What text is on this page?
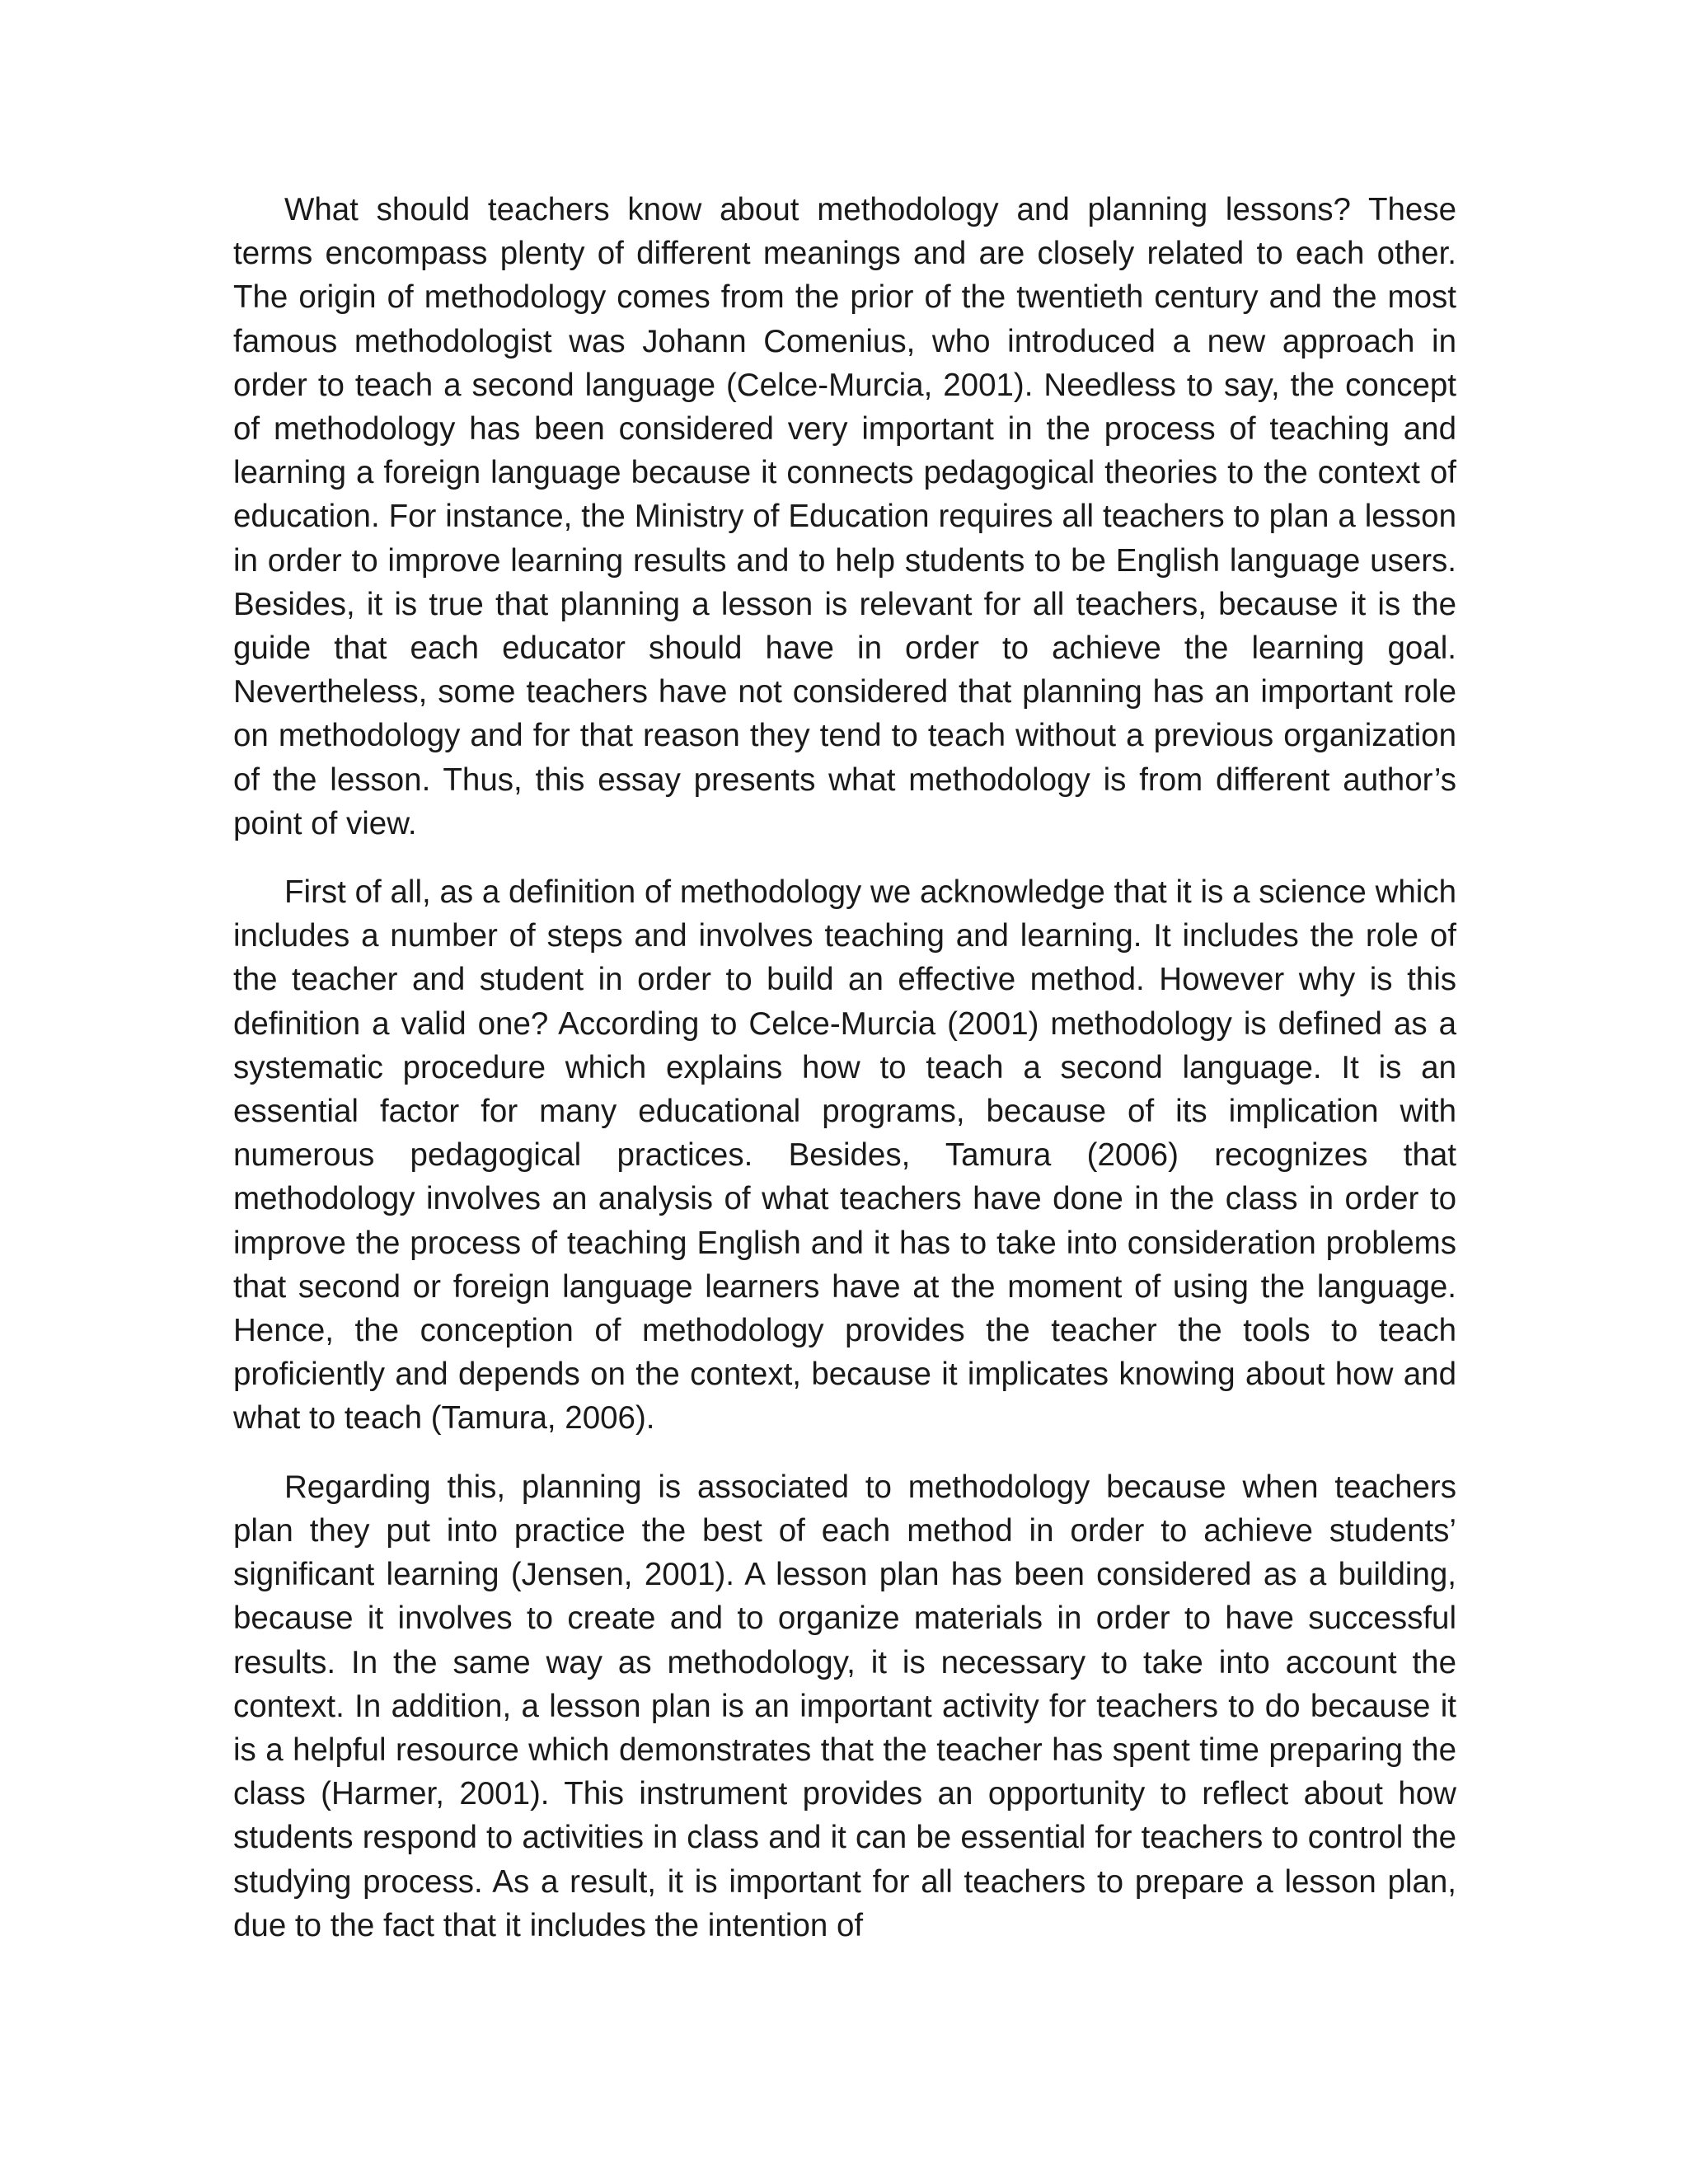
What should teachers know about methodology and planning lessons? These terms encompass plenty of different meanings and are closely related to each other. The origin of methodology comes from the prior of the twentieth century and the most famous methodologist was Johann Comenius, who introduced a new approach in order to teach a second language (Celce-Murcia, 2001). Needless to say, the concept of methodology has been considered very important in the process of teaching and learning a foreign language because it connects pedagogical theories to the context of education. For instance, the Ministry of Education requires all teachers to plan a lesson in order to improve learning results and to help students to be English language users. Besides, it is true that planning a lesson is relevant for all teachers, because it is the guide that each educator should have in order to achieve the learning goal. Nevertheless, some teachers have not considered that planning has an important role on methodology and for that reason they tend to teach without a previous organization of the lesson. Thus, this essay presents what methodology is from different author’s point of view.

First of all, as a definition of methodology we acknowledge that it is a science which includes a number of steps and involves teaching and learning. It includes the role of the teacher and student in order to build an effective method. However why is this definition a valid one? According to Celce-Murcia (2001) methodology is defined as a systematic procedure which explains how to teach a second language. It is an essential factor for many educational programs, because of its implication with numerous pedagogical practices. Besides, Tamura (2006) recognizes that methodology involves an analysis of what teachers have done in the class in order to improve the process of teaching English and it has to take into consideration problems that second or foreign language learners have at the moment of using the language. Hence, the conception of methodology provides the teacher the tools to teach proficiently and depends on the context, because it implicates knowing about how and what to teach (Tamura, 2006).

Regarding this, planning is associated to methodology because when teachers plan they put into practice the best of each method in order to achieve students’ significant learning (Jensen, 2001). A lesson plan has been considered as a building, because it involves to create and to organize materials in order to have successful results. In the same way as methodology, it is necessary to take into account the context. In addition, a lesson plan is an important activity for teachers to do because it is a helpful resource which demonstrates that the teacher has spent time preparing the class (Harmer, 2001). This instrument provides an opportunity to reflect about how students respond to activities in class and it can be essential for teachers to control the studying process. As a result, it is important for all teachers to prepare a lesson plan, due to the fact that it includes the intention of
